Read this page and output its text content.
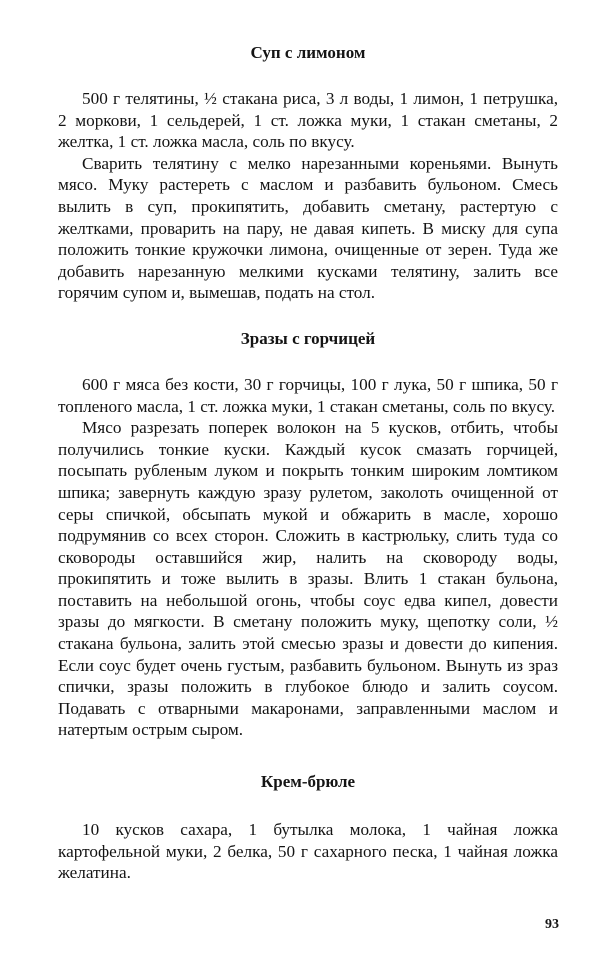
Суп с лимоном

500 г телятины, ½ стакана риса, 3 л воды, 1 лимон, 1 петрушка, 2 моркови, 1 сельдерей, 1 ст. ложка муки, 1 стакан сметаны, 2 желтка, 1 ст. ложка масла, соль по вкусу.

Сварить телятину с мелко нарезанными кореньями. Вынуть мясо. Муку растереть с маслом и разбавить бульоном. Смесь вылить в суп, прокипятить, добавить сметану, растертую с желтками, проварить на пару, не давая кипеть. В миску для супа положить тонкие кружочки лимона, очищенные от зерен. Туда же добавить нарезанную мелкими кусками телятину, залить все горячим супом и, вымешав, подать на стол.

Зразы с горчицей

600 г мяса без кости, 30 г горчицы, 100 г лука, 50 г шпика, 50 г топленого масла, 1 ст. ложка муки, 1 стакан сметаны, соль по вкусу.

Мясо разрезать поперек волокон на 5 кусков, отбить, чтобы получились тонкие куски. Каждый кусок смазать горчицей, посыпать рубленым луком и покрыть тонким широким ломтиком шпика; завернуть каждую зразу рулетом, заколоть очищенной от серы спичкой, обсыпать мукой и обжарить в масле, хорошо подрумянив со всех сторон. Сложить в кастрюльку, слить туда со сковороды оставшийся жир, налить на сковороду воды, прокипятить и тоже вылить в зразы. Влить 1 стакан бульона, поставить на небольшой огонь, чтобы соус едва кипел, довести зразы до мягкости. В сметану положить муку, щепотку соли, ½ стакана бульона, залить этой смесью зразы и довести до кипения. Если соус будет очень густым, разбавить бульоном. Вынуть из зраз спички, зразы положить в глубокое блюдо и залить соусом. Подавать с отварными макаронами, заправленными маслом и натертым острым сыром.

Крем-брюле

10 кусков сахара, 1 бутылка молока, 1 чайная ложка картофельной муки, 2 белка, 50 г сахарного песка, 1 чайная ложка желатина.

93
